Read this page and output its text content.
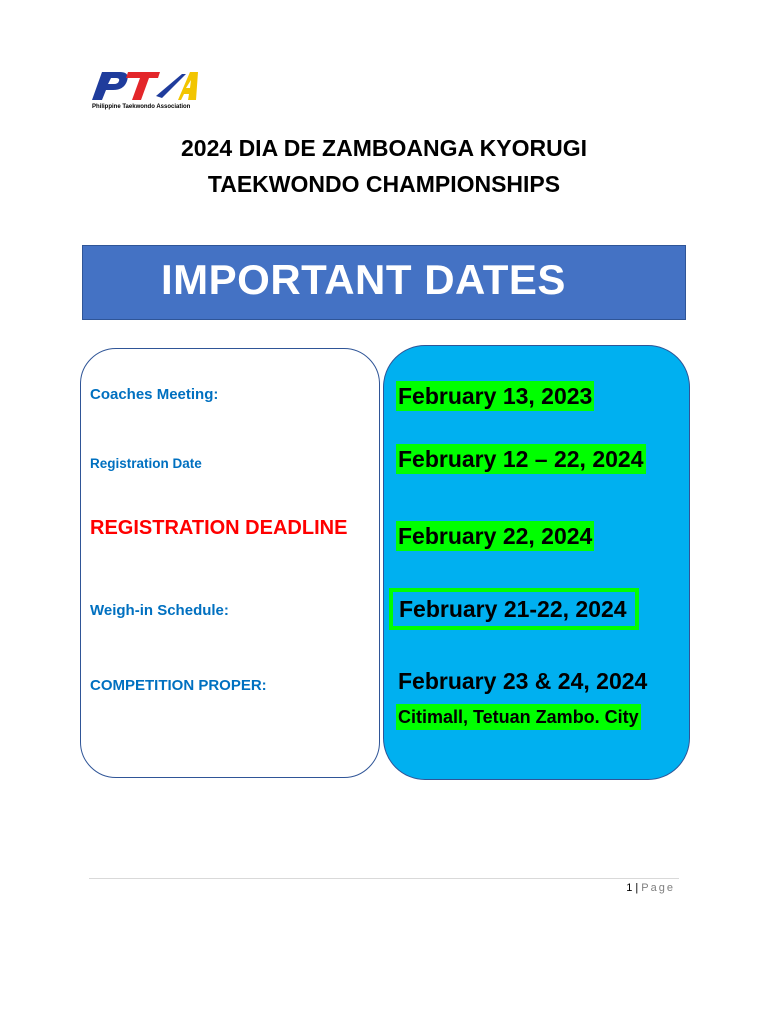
Philippine Taekwondo Association
2024 DIA DE ZAMBOANGA KYORUGI
TAEKWONDO CHAMPIONSHIPS
IMPORTANT DATES
Coaches Meeting:
Registration Date
REGISTRATION DEADLINE
Weigh-in Schedule:
COMPETITION PROPER:
February 13, 2023
February 12 – 22, 2024
February 22, 2024
February 21-22, 2024
February 23 & 24, 2024
Citimall, Tetuan Zambo. City
1 | Page
